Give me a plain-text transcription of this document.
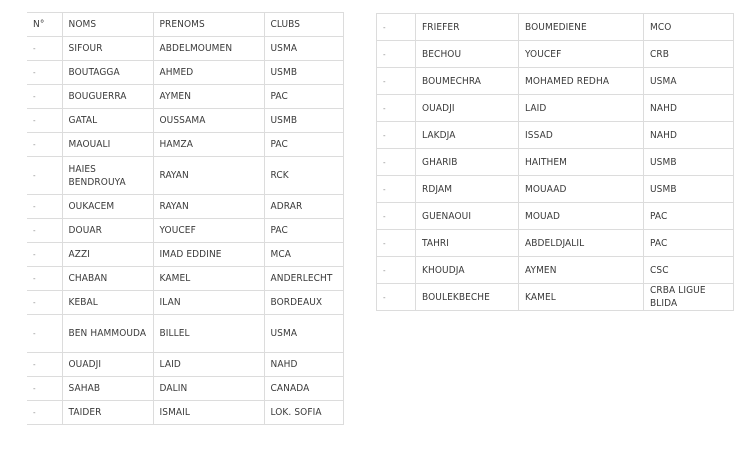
N°	NOMS	PRENOMS	CLUBS
-	SIFOUR	ABDELMOUMEN	USMA
-	BOUTAGGA	AHMED	USMB
-	BOUGUERRA	AYMEN	PAC
-	GATAL	OUSSAMA	USMB
-	MAOUALI	HAMZA	PAC
-	HAIES BENDROUYA	RAYAN	RCK
-	OUKACEM	RAYAN	ADRAR
-	DOUAR	YOUCEF	PAC
-	AZZI	IMAD EDDINE	MCA
-	CHABAN	KAMEL	ANDERLECHT
-	KEBAL	ILAN	BORDEAUX
-	BEN HAMMOUDA	BILLEL	USMA
-	OUADJI	LAID	NAHD
-	SAHAB	DALIN	CANADA
-	TAIDER	ISMAIL	LOK. SOFIA
-	FRIEFER	BOUMEDIENE	MCO
-	BECHOU	YOUCEF	CRB
-	BOUMECHRA	MOHAMED REDHA	USMA
-	OUADJI	LAID	NAHD
-	LAKDJA	ISSAD	NAHD
-	GHARIB	HAITHEM	USMB
-	RDJAM	MOUAAD	USMB
-	GUENAOUI	MOUAD	PAC
-	TAHRI	ABDELDJALIL	PAC
-	KHOUDJA	AYMEN	CSC
-	BOULEKBECHE	KAMEL	CRBA LIGUE BLIDA
